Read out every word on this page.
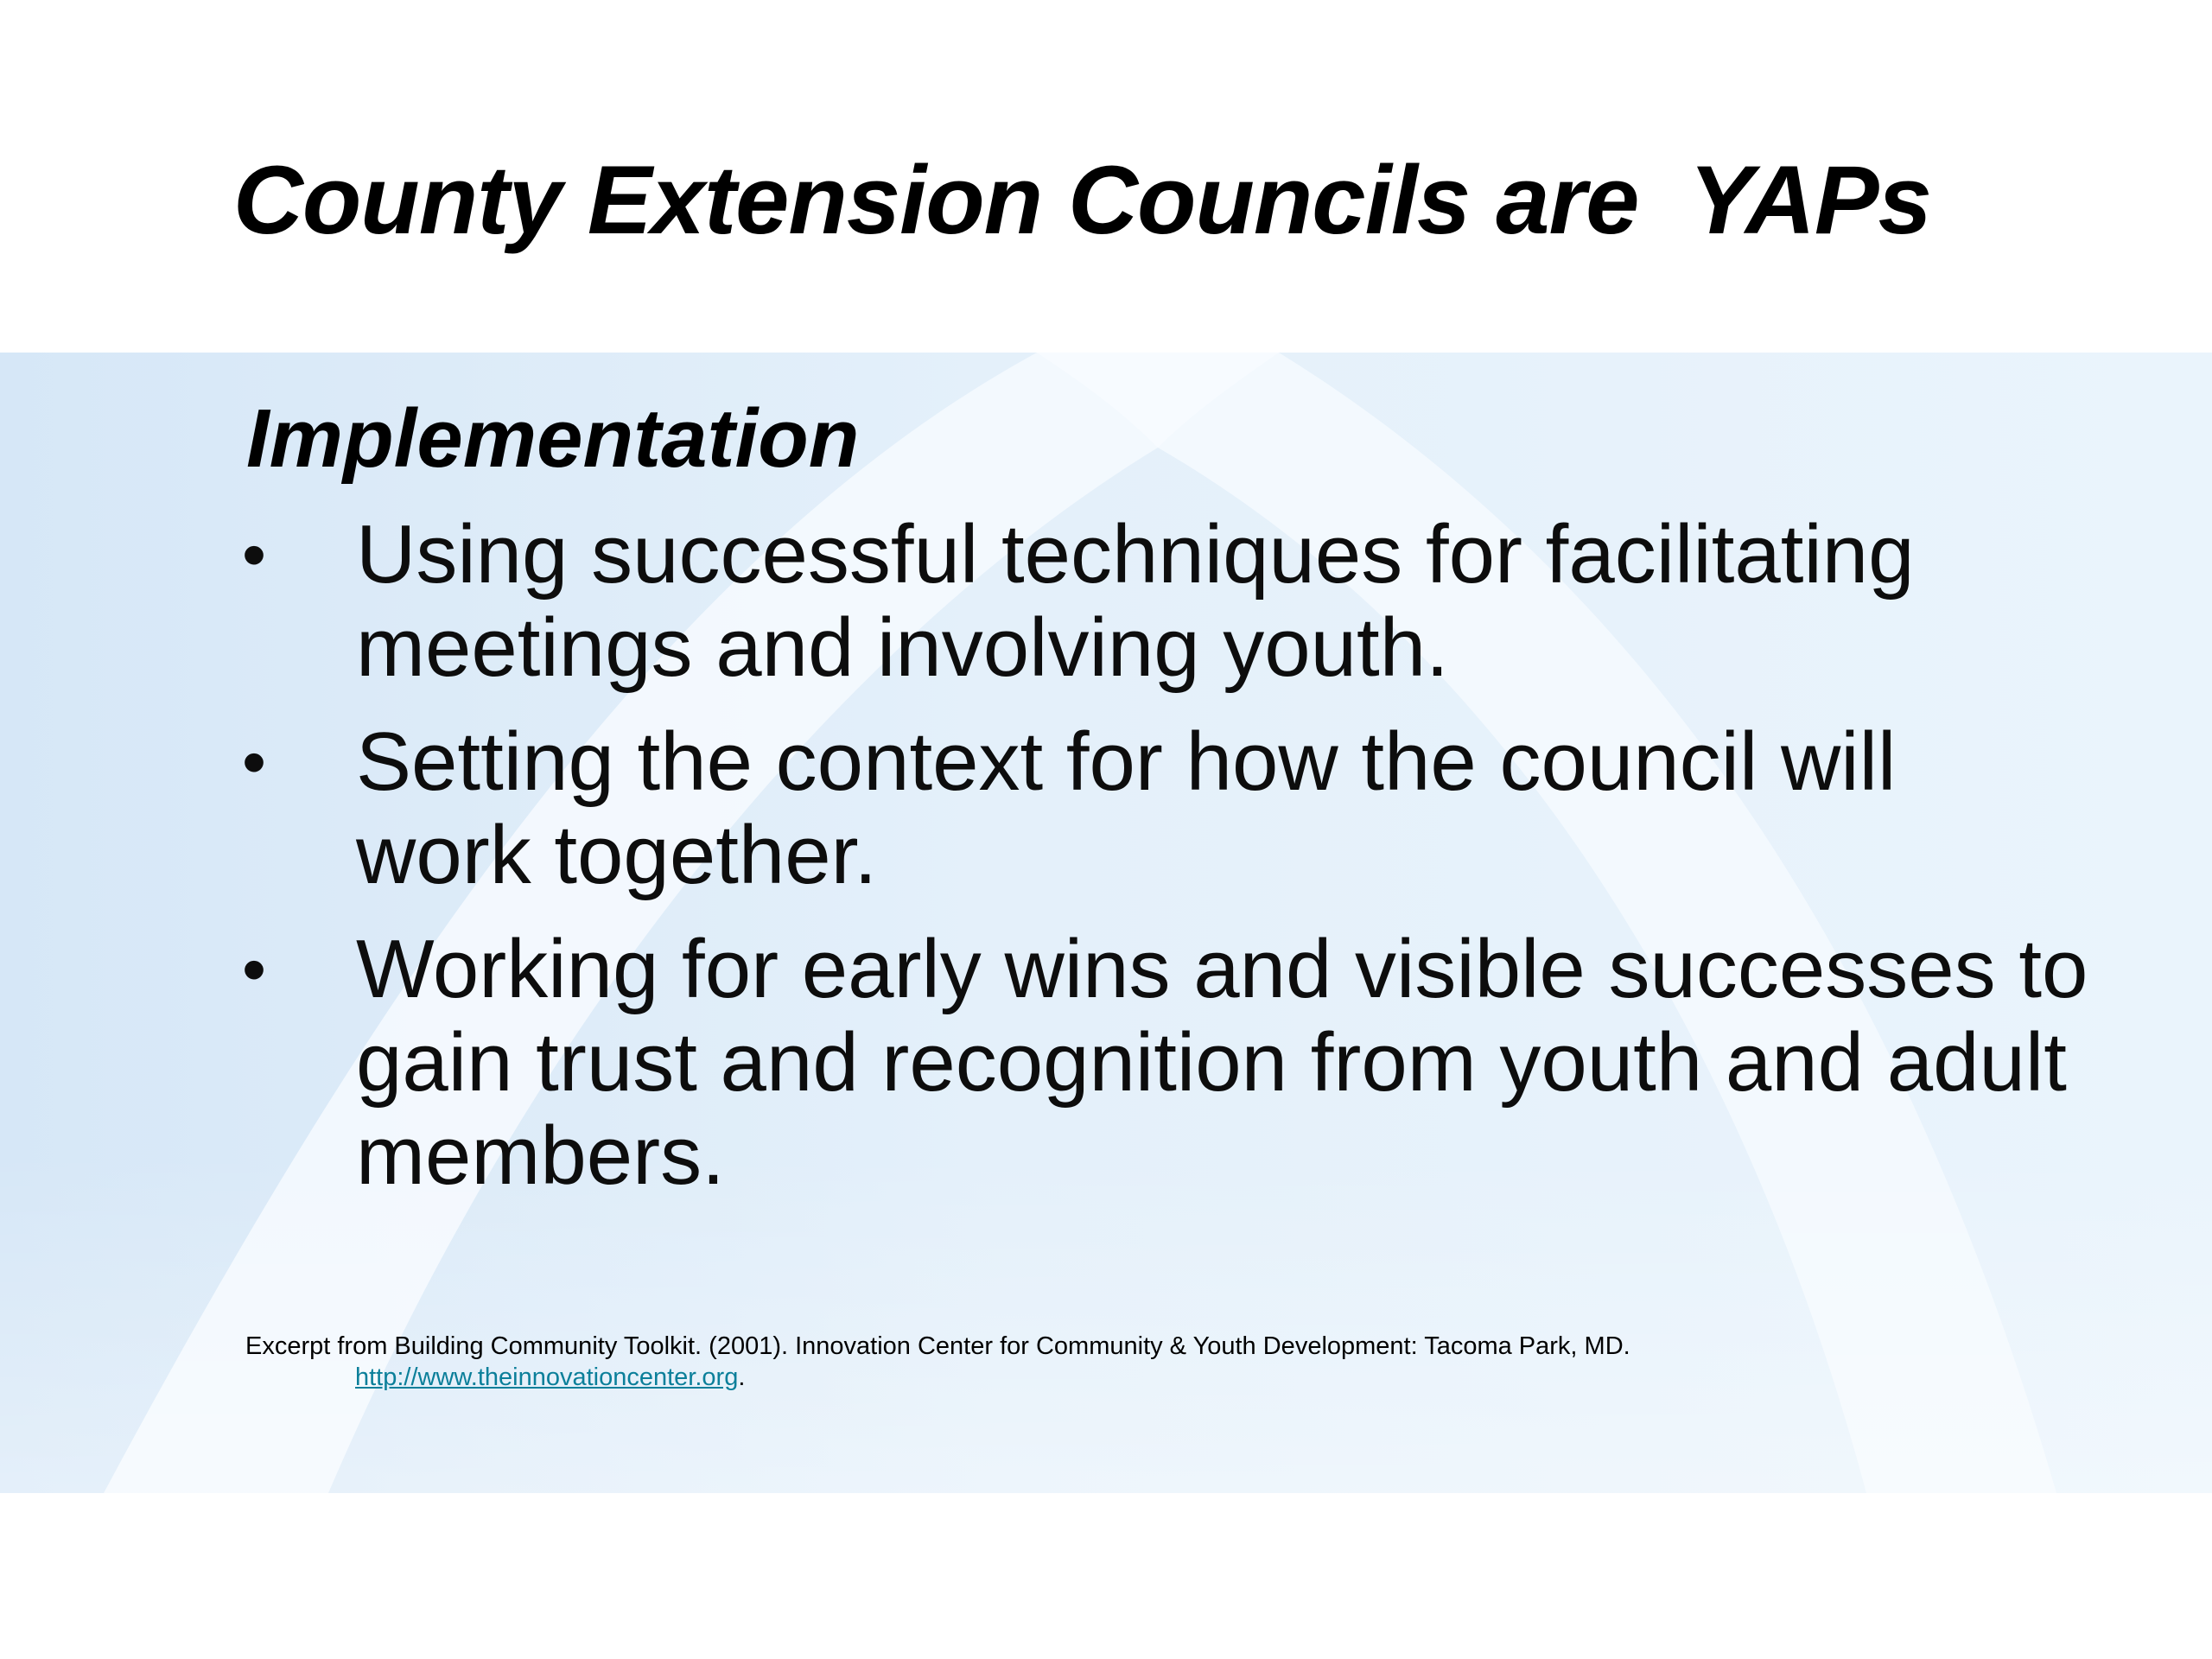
County Extension Councils are  YAPs
Implementation
• Using successful techniques for facilitating meetings and involving youth.
• Setting the context for how the council will work together.
• Working for early wins and visible successes to gain trust and recognition from youth and adult members.
Excerpt from Building Community Toolkit. (2001). Innovation Center for Community & Youth Development: Tacoma Park, MD.
http://www.theinnovationcenter.org.
